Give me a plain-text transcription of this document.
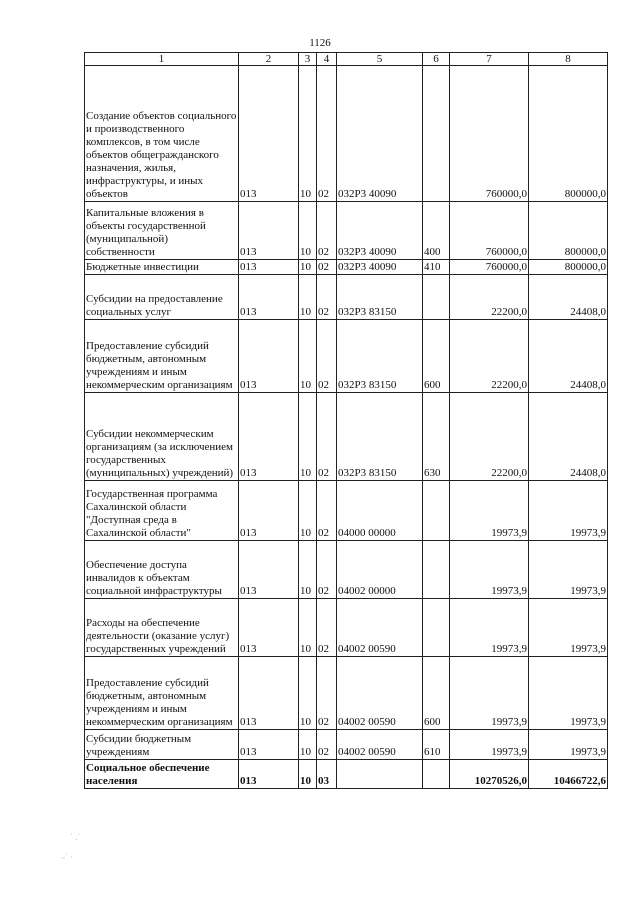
1126
1	2	3	4	5	6	7	8
Создание объектов социального и производственного комплексов, в том числе объектов общегражданского назначения, жилья, инфраструктуры, и иных объектов	013	10	02	032Р3 40090		760000,0	800000,0
Капитальные вложения в объекты государственной (муниципальной) собственности	013	10	02	032Р3 40090	400	760000,0	800000,0
Бюджетные инвестиции	013	10	02	032Р3 40090	410	760000,0	800000,0
Субсидии на предоставление социальных услуг	013	10	02	032Р3 83150		22200,0	24408,0
Предоставление субсидий бюджетным, автономным учреждениям и иным некоммерческим организациям	013	10	02	032Р3 83150	600	22200,0	24408,0
Субсидии некоммерческим организациям (за исключением государственных (муниципальных) учреждений)	013	10	02	032Р3 83150	630	22200,0	24408,0
Государственная программа Сахалинской области "Доступная среда в Сахалинской области"	013	10	02	04000 00000		19973,9	19973,9
Обеспечение доступа инвалидов к объектам социальной инфраструктуры	013	10	02	04002 00000		19973,9	19973,9
Расходы на обеспечение деятельности (оказание услуг) государственных учреждений	013	10	02	04002 00590		19973,9	19973,9
Предоставление субсидий бюджетным, автономным учреждениям и иным некоммерческим организациям	013	10	02	04002 00590	600	19973,9	19973,9
Субсидии бюджетным учреждениям	013	10	02	04002 00590	610	19973,9	19973,9
Социальное обеспечение населения	013	10	03			10270526,0	10466722,6
˙ .˙
-˙ ·
